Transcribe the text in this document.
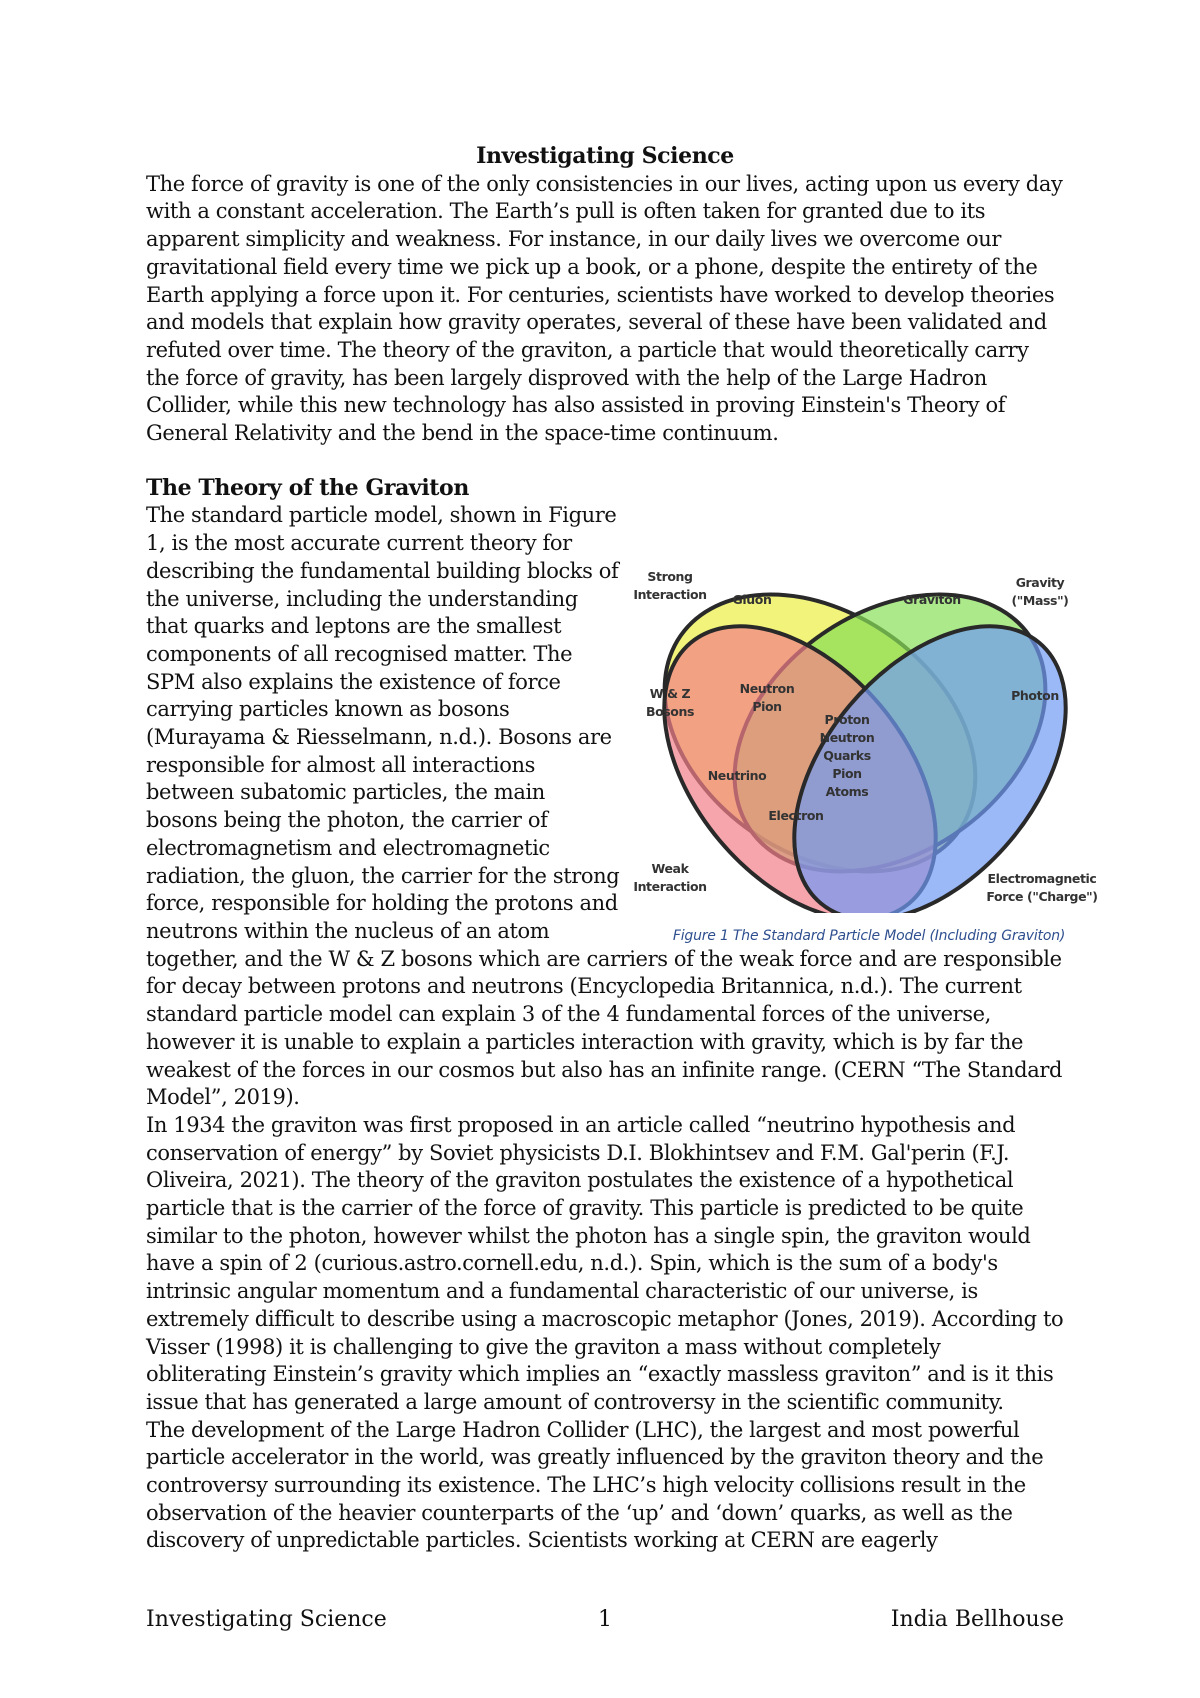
Investigating Science

The force of gravity is one of the only consistencies in our lives, acting upon us every day with a constant acceleration. The Earth’s pull is often taken for granted due to its apparent simplicity and weakness. For instance, in our daily lives we overcome our gravitational field every time we pick up a book, or a phone, despite the entirety of the Earth applying a force upon it. For centuries, scientists have worked to develop theories and models that explain how gravity operates, several of these have been validated and refuted over time. The theory of the graviton, a particle that would theoretically carry the force of gravity, has been largely disproved with the help of the Large Hadron Collider, while this new technology has also assisted in proving Einstein's Theory of General Relativity and the bend in the space-time continuum.

The Theory of the Graviton

Strong
Interaction Gluon	Graviton
Gravity
("Mass")
W & Z
Bosons
Neutron
Pion
Photon
Proton
Neutron
Quarks
Pion
Atoms
Neutrino
Electron
Weak
Interaction
Electromagnetic
Force ("Charge")
Figure 1 The Standard Particle Model (Including Graviton)
The standard particle model, shown in Figure 1, is the most accurate current theory for describing the fundamental building blocks of the universe, including the understanding that quarks and leptons are the smallest components of all recognised matter. The SPM also explains the existence of force carrying particles known as bosons (Murayama & Riesselmann, n.d.). Bosons are responsible for almost all interactions between subatomic particles, the main bosons being the photon, the carrier of electromagnetism and electromagnetic radiation, the gluon, the carrier for the strong force, responsible for holding the protons and neutrons within the nucleus of an atom together, and the W & Z bosons which are carriers of the weak force and are responsible for decay between protons and neutrons (Encyclopedia Britannica, n.d.). The current standard particle model can explain 3 of the 4 fundamental forces of the universe, however it is unable to explain a particles interaction with gravity, which is by far the weakest of the forces in our cosmos but also has an infinite range. (CERN “The Standard Model”, 2019).

In 1934 the graviton was first proposed in an article called “neutrino hypothesis and conservation of energy” by Soviet physicists D.I. Blokhintsev and F.M. Gal'perin (F.J. Oliveira, 2021). The theory of the graviton postulates the existence of a hypothetical particle that is the carrier of the force of gravity. This particle is predicted to be quite similar to the photon, however whilst the photon has a single spin, the graviton would have a spin of 2 (curious.astro.cornell.edu, n.d.). Spin, which is the sum of a body's intrinsic angular momentum and a fundamental characteristic of our universe, is extremely difficult to describe using a macroscopic metaphor (Jones, 2019). According to Visser (1998) it is challenging to give the graviton a mass without completely obliterating Einstein’s gravity which implies an “exactly massless graviton” and is it this issue that has generated a large amount of controversy in the scientific community.

The development of the Large Hadron Collider (LHC), the largest and most powerful particle accelerator in the world, was greatly influenced by the graviton theory and the controversy surrounding its existence. The LHC’s high velocity collisions result in the observation of the heavier counterparts of the ‘up’ and ‘down’ quarks, as well as the discovery of unpredictable particles. Scientists working at CERN are eagerly

Investigating Science	1	India Bellhouse
